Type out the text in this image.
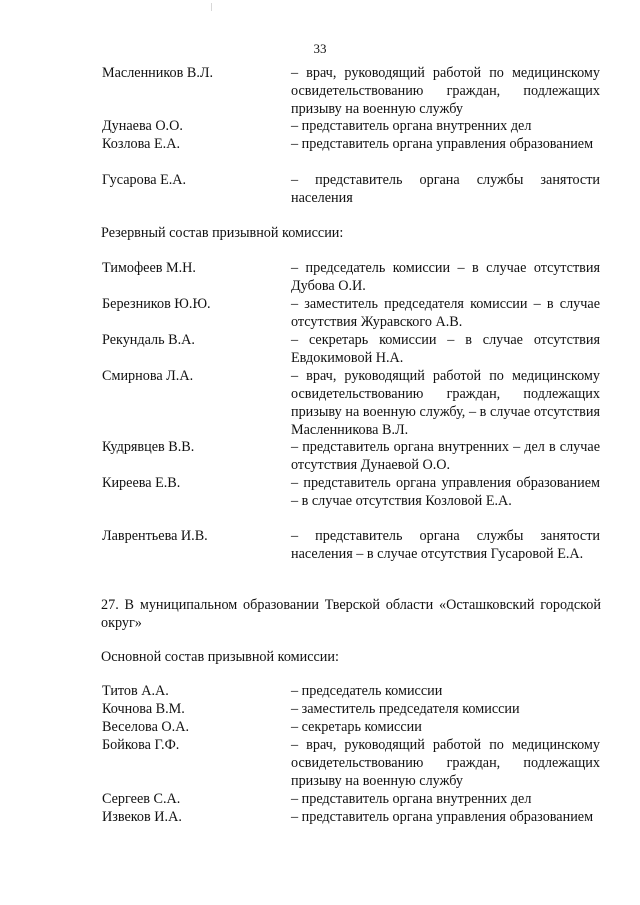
33
Масленников В.Л.	– врач, руководящий работой по медицинскому освидетельствованию граждан, подлежащих призыву на военную службу
Дунаева О.О.	– представитель органа внутренних дел
Козлова Е.А.	– представитель органа управления образованием
Гусарова Е.А.	– представитель органа службы занятости населения
Резервный состав призывной комиссии:
Тимофеев М.Н.	– председатель комиссии – в случае отсутствия Дубова О.И.
Березников Ю.Ю.	– заместитель председателя комиссии – в случае отсутствия Журавского А.В.
Рекундаль В.А.	– секретарь комиссии – в случае отсутствия Евдокимовой Н.А.
Смирнова Л.А.	– врач, руководящий работой по медицинскому освидетельствованию граждан, подлежащих призыву на военную службу, – в случае отсутствия Масленникова В.Л.
Кудрявцев В.В.	– представитель органа внутренних – дел в случае отсутствия Дунаевой О.О.
Киреева Е.В.	– представитель органа управления образованием – в случае отсутствия Козловой Е.А.
Лаврентьева И.В.	– представитель органа службы занятости населения – в случае отсутствия Гусаровой Е.А.
27. В муниципальном образовании Тверской области «Осташковский городской округ»
Основной состав призывной комиссии:
Титов А.А.	– председатель комиссии
Кочнова В.М.	– заместитель председателя комиссии
Веселова О.А.	– секретарь комиссии
Бойкова Г.Ф.	– врач, руководящий работой по медицинскому освидетельствованию граждан, подлежащих призыву на военную службу
Сергеев С.А.	– представитель органа внутренних дел
Извеков И.А.	– представитель органа управления образованием
